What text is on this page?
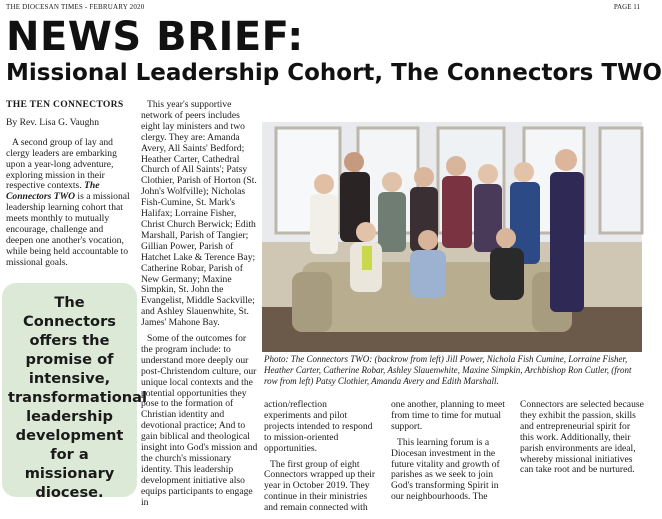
THE DIOCESAN TIMES - FEBRUARY 2020	PAGE 11
NEWS BRIEF:
Missional Leadership Cohort, The Connectors TWO
THE TEN CONNECTORS
By Rev. Lisa G. Vaughn

A second group of lay and clergy leaders are embarking upon a year-long adventure, exploring mission in their respective contexts. The Connectors TWO is a missional leadership learning cohort that meets monthly to mutually encourage, challenge and deepen one another's vocation, while being held accountable to missional goals.

The Connectors offers the promise of intensive, transformational leadership development for a missionary diocese.

This year's supportive network of peers includes eight lay ministers and two clergy. They are: Amanda Avery, All Saints' Bedford; Heather Carter, Cathedral Church of All Saints'; Patsy Clothier, Parish of Horton (St. John's Wolfville); Nicholas Fish-Cumine, St. Mark's Halifax; Lorraine Fisher, Christ Church Berwick; Edith Marshall, Parish of Tangier; Gillian Power, Parish of Hatchet Lake & Terence Bay; Catherine Robar, Parish of New Germany; Maxine Simpkin, St. John the Evangelist, Middle Sackville; and Ashley Slauenwhite, St. James' Mahone Bay.

Some of the outcomes for the program include: to understand more deeply our post-Christendom culture, our unique local contexts and the potential opportunities they pose to the formation of Christian identity and devotional practice; And to gain biblical and theological insight into God's mission and the church's missionary identity. This leadership development initiative also equips participants to engage in

Photo: The Connectors TWO: (backrow from left) Jill Power, Nichola Fish Cumine, Lorraine Fisher, Heather Carter, Catherine Robar, Ashley Slauenwhite, Maxine Simpkin, Archbishop Ron Cutler, (front row from left) Patsy Clothier, Amanda Avery and Edith Marshall.

action/reflection experiments and pilot projects intended to respond to mission-oriented opportunities.

The first group of eight Connectors wrapped up their year in October 2019. They continue in their ministries and remain connected with

one another, planning to meet from time to time for mutual support.

This learning forum is a Diocesan investment in the future vitality and growth of parishes as we seek to join God's transforming Spirit in our neighbourhoods. The

Connectors are selected because they exhibit the passion, skills and entrepreneurial spirit for this work. Additionally, their parish environments are ideal, whereby missional initiatives can take root and be nurtured.
